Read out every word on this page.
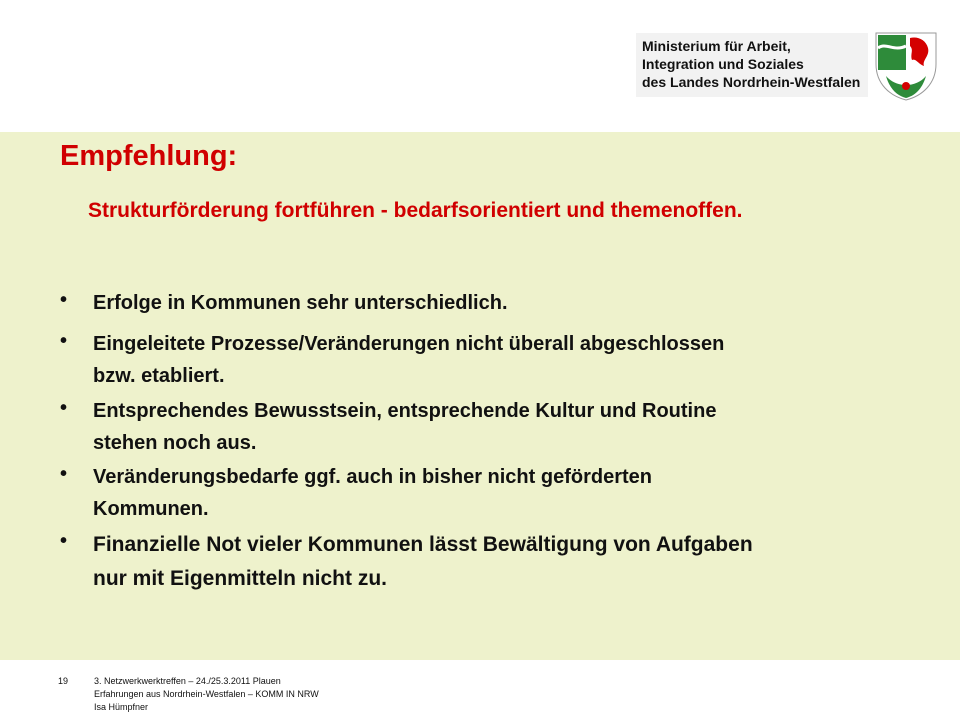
Ministerium für Arbeit,
Integration und Soziales
des Landes Nordrhein-Westfalen
Empfehlung:
Strukturförderung fortführen - bedarfsorientiert und themenoffen.
• Erfolge in Kommunen sehr unterschiedlich.
• Eingeleitete Prozesse/Veränderungen nicht überall abgeschlossen
bzw. etabliert.
• Entsprechendes Bewusstsein, entsprechende Kultur und Routine
stehen noch aus.
• Veränderungsbedarfe ggf. auch in bisher nicht geförderten
Kommunen.
• Finanzielle Not vieler Kommunen lässt Bewältigung von Aufgaben
nur mit Eigenmitteln nicht zu.
19	3. Netzwerkwerktreffen – 24./25.3.2011 Plauen
Erfahrungen aus Nordrhein-Westfalen – KOMM IN NRW
Isa Hümpfner
